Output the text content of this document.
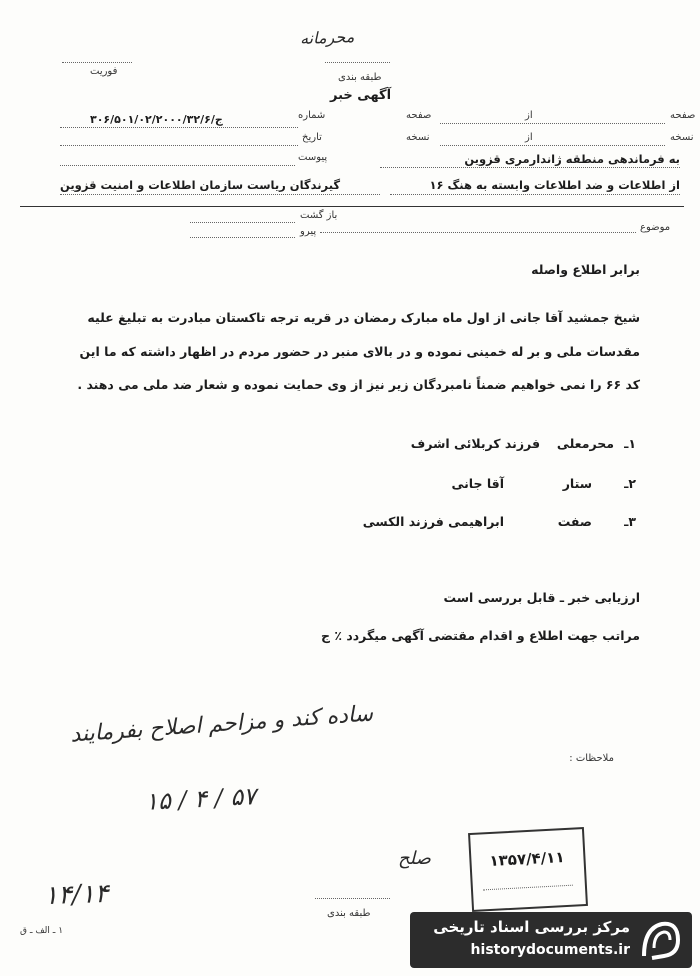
محرمانه
فوریت
طبقه بندی
آگهی خبر
شماره
۳۰۶/۵۰۱/۰۲/۲۰۰۰/۳۲/ج/۶
تاریخ
پیوست
صفحه
از
صفحه
نسخه
از
نسخه
به فرماندهی منطقه ژاندارمری قزوین
از اطلاعات و ضد اطلاعات وابسته به هنگ ۱۶
گیرندگان ریاست سازمان اطلاعات و امنیت قزوین
باز گشت
موضوع
پیرو
برابر اطلاع واصله
شیخ جمشید آقا جانی از اول ماه مبارک رمضان در قریه ترجه تاکستان مبادرت به تبلیغ علیه
مقدسات ملی و بر له خمینی نموده و در بالای منبر در حضور مردم در اظهار داشته که ما این
کد ۶۶ را نمی خواهیم ضمناً نامبردگان زیر نیز از وی حمایت نموده و شعار ضد ملی می دهند .
۱ـ
محرمعلی
فرزند کربلائی اشرف
۲ـ
ستار
آقا جانی
۳ـ
صفت
ابراهیمی فرزند الکسی
ارزیابی خبر ـ قابل بررسی است
مراتب جهت اطلاع و اقدام مقتضی آگهی میگردد ٪ ج
ساده کند و مزاحم اصلاح بفرمایند
۱۵ / ۴ / ۵۷
ملاحظات :
۱۳۵۷/۴/۱۱
صلح
۱۴/۱۴
طبقه بندی
۱ ـ الف ـ ق	مرکز بررسی اسناد تاریخی
historydocuments.ir
